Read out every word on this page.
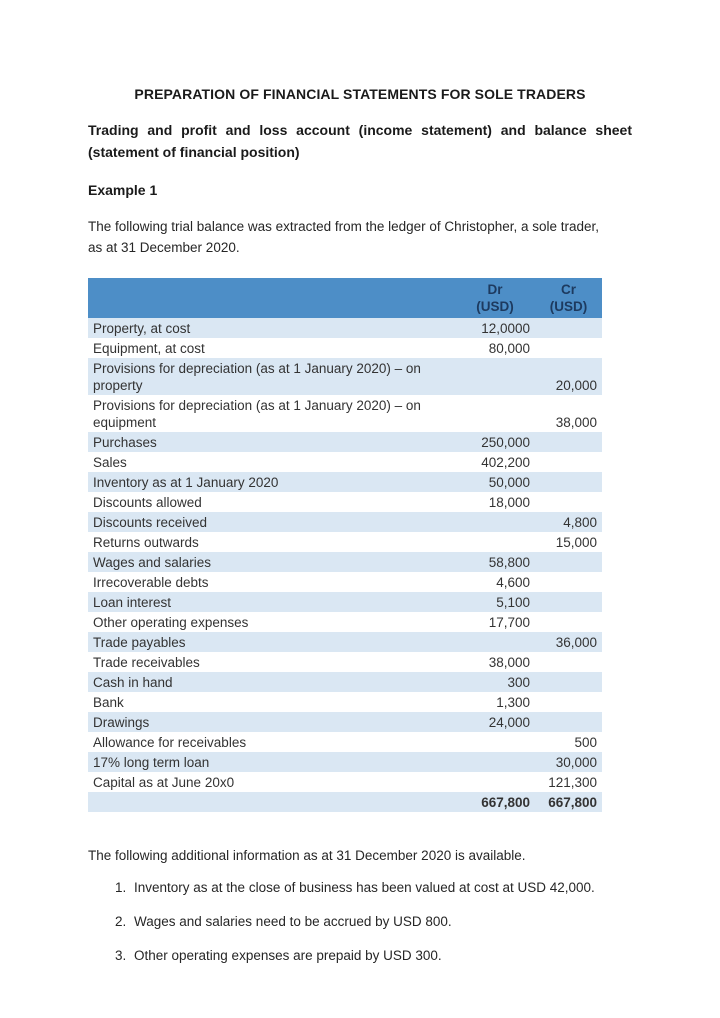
PREPARATION OF FINANCIAL STATEMENTS FOR SOLE TRADERS
Trading and profit and loss account (income statement) and balance sheet (statement of financial position)
Example 1

The following trial balance was extracted from the ledger of Christopher, a sole trader, as at 31 December 2020.

	Dr
(USD)	Cr
(USD)
Property, at cost	12,0000	
Equipment, at cost	80,000	
Provisions for depreciation (as at 1 January 2020) – on property		20,000
Provisions for depreciation (as at 1 January 2020) – on equipment		38,000
Purchases	250,000	
Sales	402,200	
Inventory as at 1 January 2020	50,000	
Discounts allowed	18,000	
Discounts received		4,800
Returns outwards		15,000
Wages and salaries	58,800	
Irrecoverable debts	4,600	
Loan interest	5,100	
Other operating expenses	17,700	
Trade payables		36,000
Trade receivables	38,000	
Cash in hand	300	
Bank	1,300	
Drawings	24,000	
Allowance for receivables		500
17% long term loan		30,000
Capital as at June 20x0		121,300
	667,800	667,800

The following additional information as at 31 December 2020 is available.

1. Inventory as at the close of business has been valued at cost at USD 42,000.
2. Wages and salaries need to be accrued by USD 800.
3. Other operating expenses are prepaid by USD 300.
